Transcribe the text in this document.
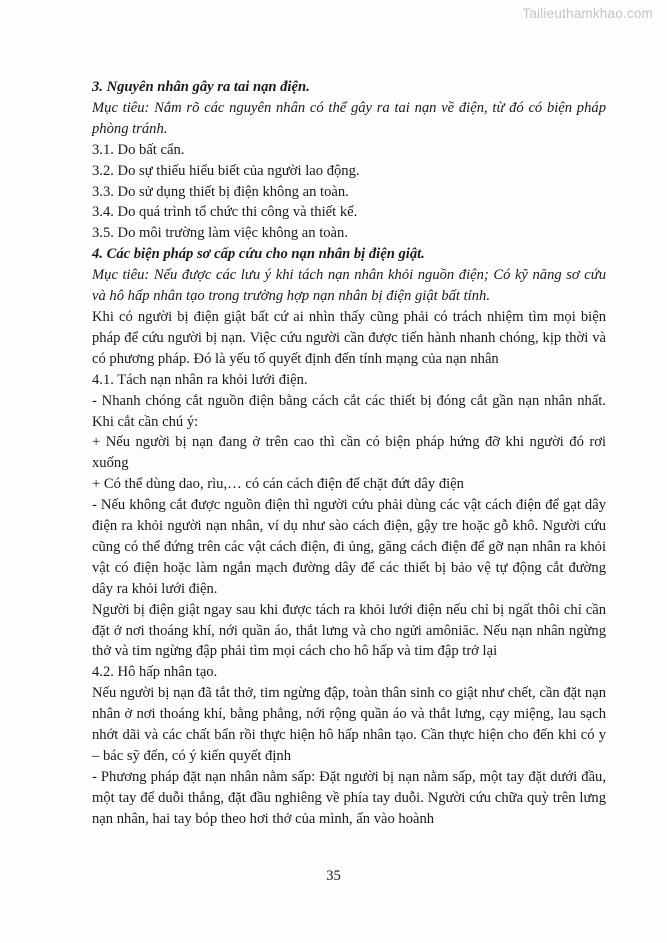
Tailieuthamkhao.com

3. Nguyên nhân gây ra tai nạn điện.

Mục tiêu: Nắm rõ các nguyên nhân có thể gây ra tai nạn về điện, từ đó có biện pháp phòng tránh.

3.1. Do bất cẩn.

3.2. Do sự thiếu hiểu biết của người lao động.

3.3. Do sử dụng thiết bị điện không an toàn.

3.4. Do quá trình tổ chức thi công và thiết kế.

3.5. Do môi trường làm việc không an toàn.

4. Các biện pháp sơ cấp cứu cho nạn nhân bị điện giật.

Mục tiêu: Nếu được các lưu ý khi tách nạn nhân khỏi nguồn điện; Có kỹ năng sơ cứu và hô hấp nhân tạo trong trường hợp nạn nhân bị điện giật bất tỉnh.

Khi có người bị điện giật bất cứ ai nhìn thấy cũng phải có trách nhiệm tìm mọi biện pháp để cứu người bị nạn. Việc cứu người cần được tiến hành nhanh chóng, kịp thời và có phương pháp. Đó là yếu tố quyết định đến tính mạng của nạn nhân

4.1. Tách nạn nhân ra khỏi lưới điện.

- Nhanh chóng cắt nguồn điện bằng cách cắt các thiết bị đóng cắt gần nạn nhân nhất. Khi cắt cần chú ý:

+ Nếu người bị nạn đang ở trên cao thì cần có biện pháp hứng đỡ khi người đó rơi xuống

+ Có thể dùng dao, rìu,… có cán cách điện để chặt đứt dây điện

- Nếu không cắt được nguồn điện thì người cứu phải dùng các vật cách điện để gạt dây điện ra khỏi người nạn nhân, ví dụ như sào cách điện, gậy tre hoặc gỗ khô. Người cứu cũng có thể đứng trên các vật cách điện, đi ủng, găng cách điện để gỡ nạn nhân ra khỏi vật có điện hoặc làm ngắn mạch đường dây để các thiết bị bảo vệ tự động cắt đường dây ra khỏi lưới điện.

Người bị điện giật ngay sau khi được tách ra khỏi lưới điện nếu chỉ bị ngất thôi chỉ cần đặt ở nơi thoáng khí, nới quần áo, thắt lưng và cho ngửi amôniăc. Nếu nạn nhân ngừng thở và tim ngừng đập phải tìm mọi cách cho hô hấp và tim đập trở lại

4.2. Hô hấp nhân tạo.

Nếu người bị nạn đã tắt thở, tim ngừng đập, toàn thân sinh co giật như chết, cần đặt nạn nhân ở nơi thoáng khí, bằng phẳng, nới rộng quần áo và thắt lưng, cạy miệng, lau sạch nhớt dãi và các chất bẩn rồi thực hiện hô hấp nhân tạo. Cần thực hiện cho đến khi có y – bác sỹ đến, có ý kiến quyết định

- Phương pháp đặt nạn nhân nằm sấp: Đặt người bị nạn nằm sấp, một tay đặt dưới đầu, một tay để duỗi thẳng, đặt đầu nghiêng về phía tay duỗi. Người cứu chữa quỳ trên lưng nạn nhân, hai tay bóp theo hơi thở của mình, ấn vào hoành

35
